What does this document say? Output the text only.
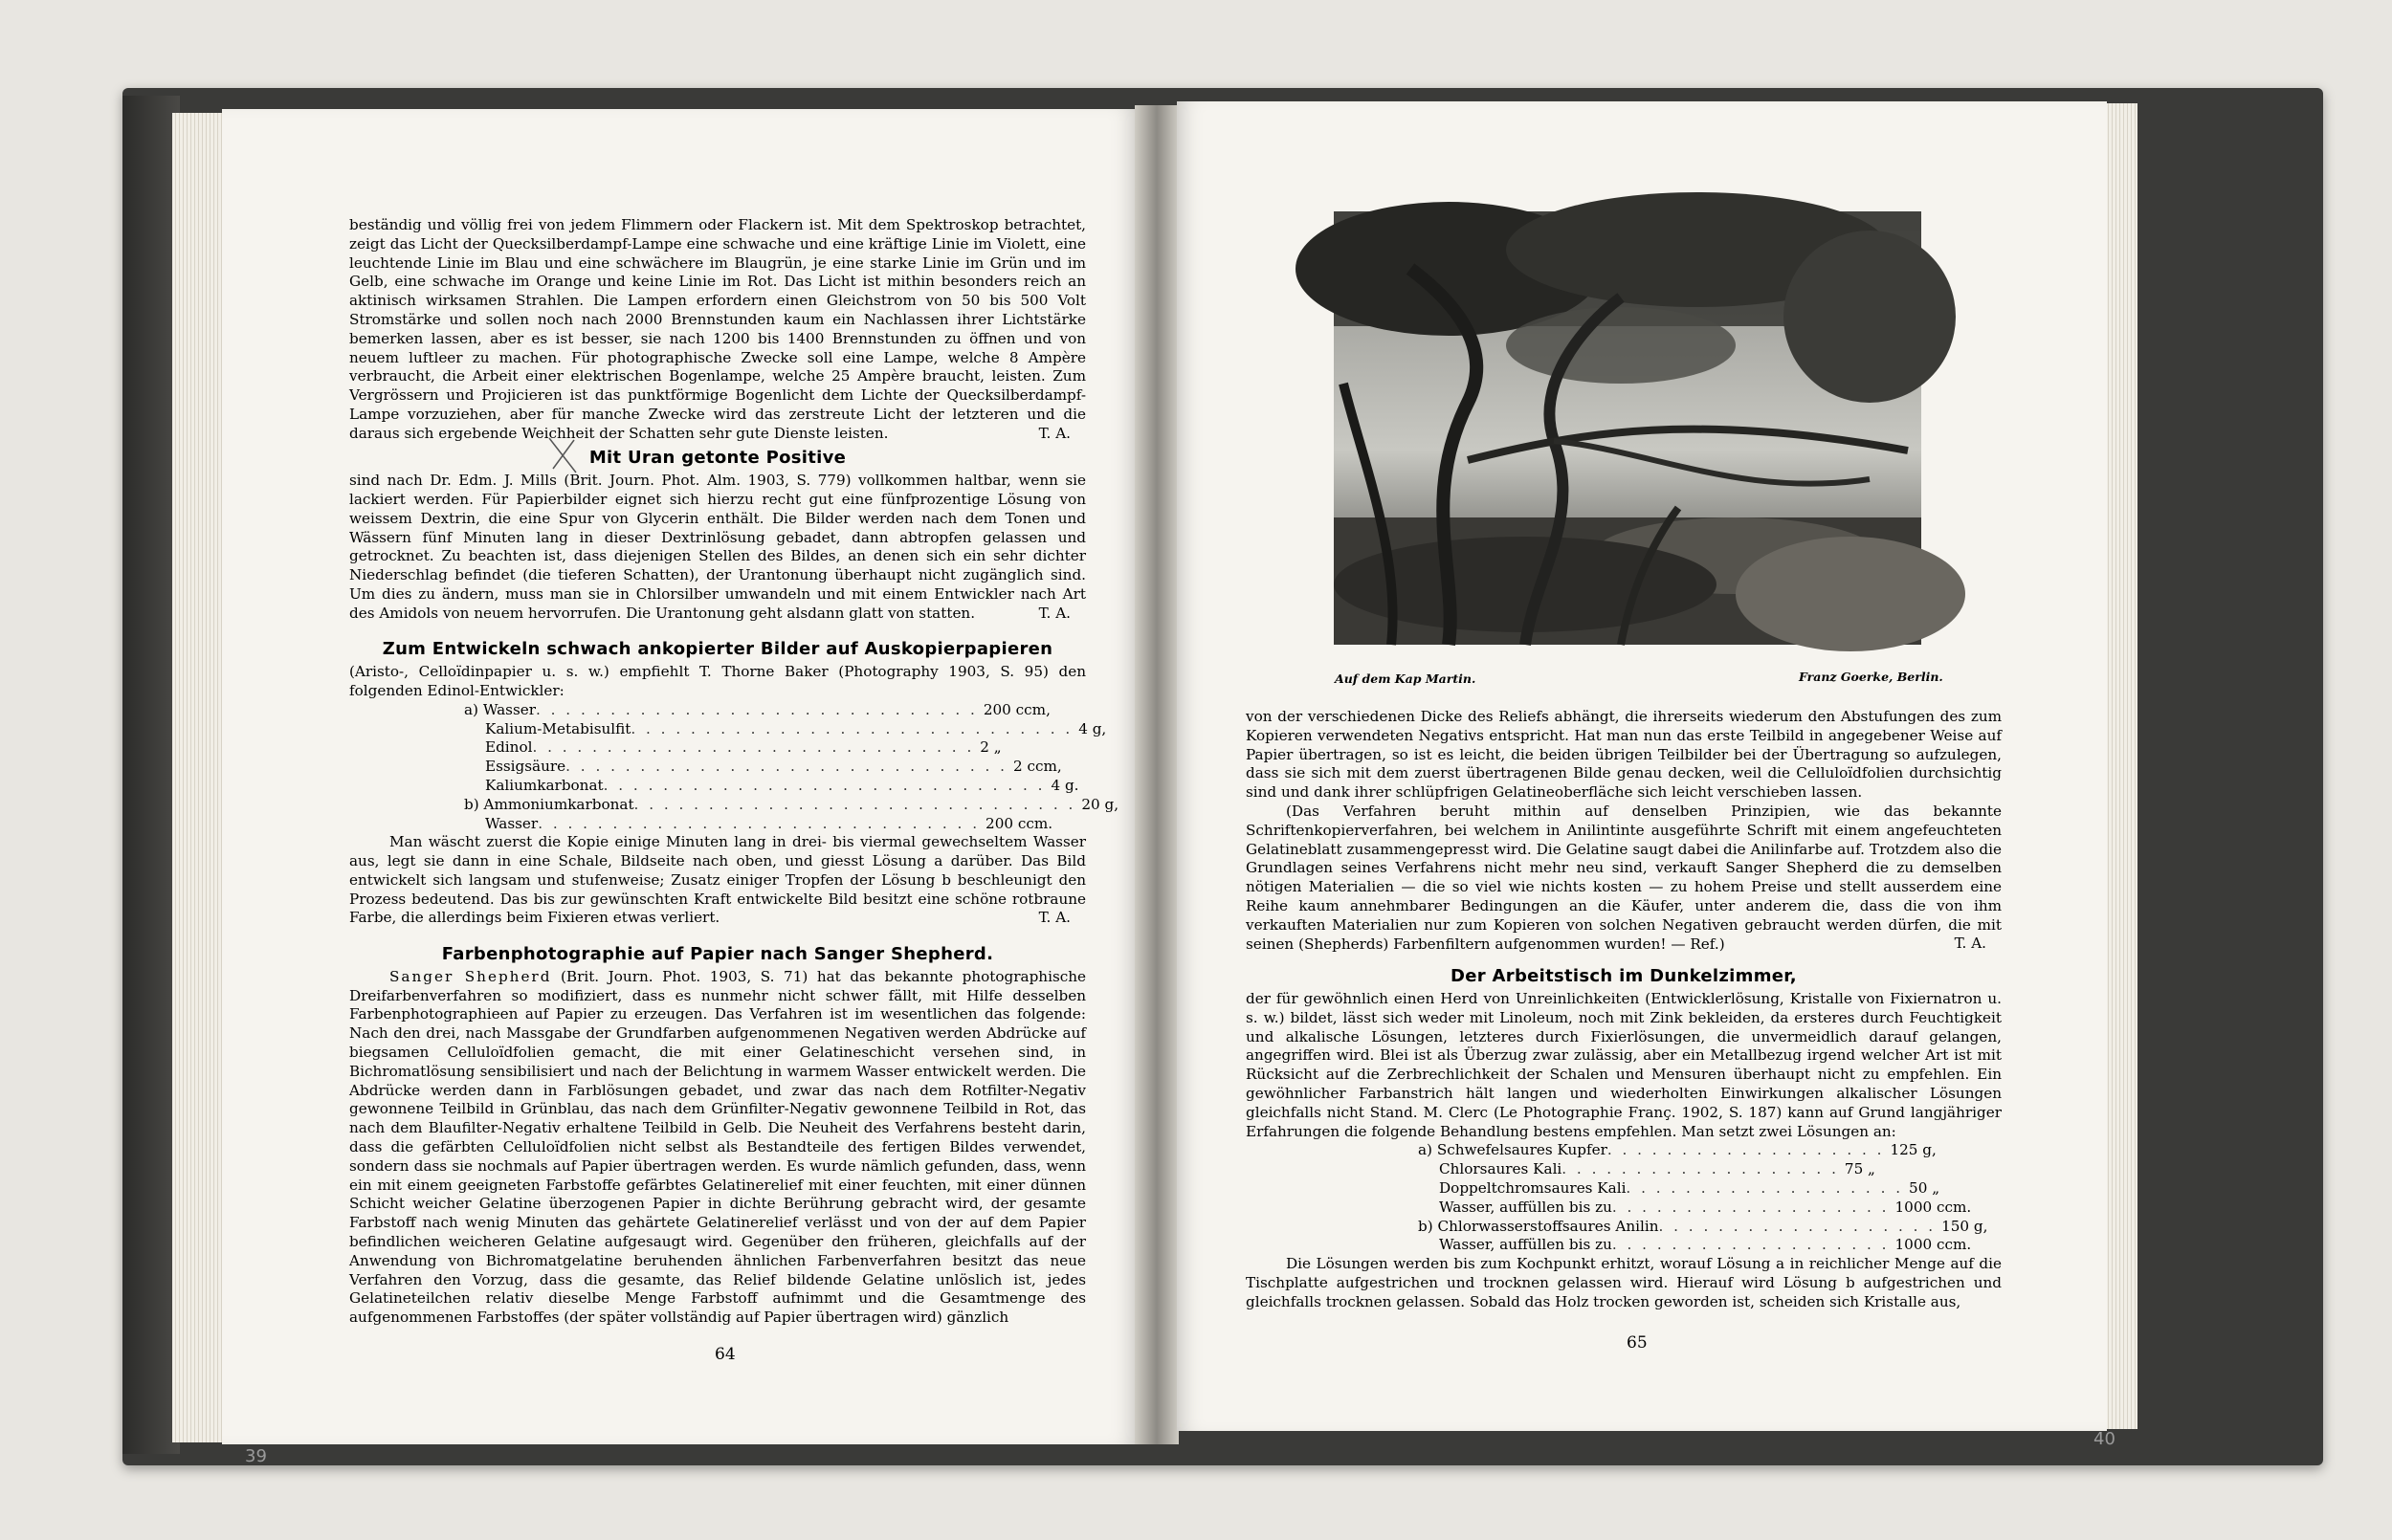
beständig und völlig frei von jedem Flimmern oder Flackern ist. Mit dem Spektroskop betrachtet, zeigt das Licht der Quecksilberdampf-Lampe eine schwache und eine kräftige Linie im Violett, eine leuchtende Linie im Blau und eine schwächere im Blaugrün, je eine starke Linie im Grün und im Gelb, eine schwache im Orange und keine Linie im Rot. Das Licht ist mithin besonders reich an aktinisch wirksamen Strahlen. Die Lampen erfordern einen Gleichstrom von 50 bis 500 Volt Stromstärke und sollen noch nach 2000 Brennstunden kaum ein Nachlassen ihrer Lichtstärke bemerken lassen, aber es ist besser, sie nach 1200 bis 1400 Brennstunden zu öffnen und von neuem luftleer zu machen. Für photographische Zwecke soll eine Lampe, welche 8 Ampère verbraucht, die Arbeit einer elektrischen Bogenlampe, welche 25 Ampère braucht, leisten. Zum Vergrössern und Projicieren ist das punktförmige Bogenlicht dem Lichte der Quecksilberdampf-Lampe vorzuziehen, aber für manche Zwecke wird das zerstreute Licht der letzteren und die daraus sich ergebende Weichheit der Schatten sehr gute Dienste leisten.	T. A.

Mit Uran getonte Positive

sind nach Dr. Edm. J. Mills (Brit. Journ. Phot. Alm. 1903, S. 779) vollkommen haltbar, wenn sie lackiert werden. Für Papierbilder eignet sich hierzu recht gut eine fünfprozentige Lösung von weissem Dextrin, die eine Spur von Glycerin enthält. Die Bilder werden nach dem Tonen und Wässern fünf Minuten lang in dieser Dextrinlösung gebadet, dann abtropfen gelassen und getrocknet. Zu beachten ist, dass diejenigen Stellen des Bildes, an denen sich ein sehr dichter Niederschlag befindet (die tieferen Schatten), der Urantonung überhaupt nicht zugänglich sind. Um dies zu ändern, muss man sie in Chlorsilber umwandeln und mit einem Entwickler nach Art des Amidols von neuem hervorrufen. Die Urantonung geht alsdann glatt von statten.	T. A.

Zum Entwickeln schwach ankopierter Bilder auf Auskopierpapieren

(Aristo-, Celloïdinpapier u. s. w.) empfiehlt T. Thorne Baker (Photography 1903, S. 95) den folgenden Edinol-Entwickler:

a) Wasser . . . . . . . . . . . . . . . . . . . . . . . . . . . . . . 200 ccm,
Kalium-Metabisulfit . . . . . . . . . . . . . . . . . . . . . . . . . . . . . . 4 g,
Edinol . . . . . . . . . . . . . . . . . . . . . . . . . . . . . . 2 „
Essigsäure . . . . . . . . . . . . . . . . . . . . . . . . . . . . . . 2 ccm,
Kaliumkarbonat . . . . . . . . . . . . . . . . . . . . . . . . . . . . . . 4 g.
b) Ammoniumkarbonat . . . . . . . . . . . . . . . . . . . . . . . . . . . . . . 20 g,
Wasser . . . . . . . . . . . . . . . . . . . . . . . . . . . . . . 200 ccm.

Man wäscht zuerst die Kopie einige Minuten lang in drei- bis viermal gewechseltem Wasser aus, legt sie dann in eine Schale, Bildseite nach oben, und giesst Lösung a darüber. Das Bild entwickelt sich langsam und stufenweise; Zusatz einiger Tropfen der Lösung b beschleunigt den Prozess bedeutend. Das bis zur gewünschten Kraft entwickelte Bild besitzt eine schöne rotbraune Farbe, die allerdings beim Fixieren etwas verliert.	T. A.

Farbenphotographie auf Papier nach Sanger Shepherd.

Sanger Shepherd (Brit. Journ. Phot. 1903, S. 71) hat das bekannte photographische Dreifarbenverfahren so modifiziert, dass es nunmehr nicht schwer fällt, mit Hilfe desselben Farbenphotographieen auf Papier zu erzeugen. Das Verfahren ist im wesentlichen das folgende: Nach den drei, nach Massgabe der Grundfarben aufgenommenen Negativen werden Abdrücke auf biegsamen Celluloïdfolien gemacht, die mit einer Gelatineschicht versehen sind, in Bichromatlösung sensibilisiert und nach der Belichtung in warmem Wasser entwickelt werden. Die Abdrücke werden dann in Farblösungen gebadet, und zwar das nach dem Rotfilter-Negativ gewonnene Teilbild in Grünblau, das nach dem Grünfilter-Negativ gewonnene Teilbild in Rot, das nach dem Blaufilter-Negativ erhaltene Teilbild in Gelb. Die Neuheit des Verfahrens besteht darin, dass die gefärbten Celluloïdfolien nicht selbst als Bestandteile des fertigen Bildes verwendet, sondern dass sie nochmals auf Papier übertragen werden. Es wurde nämlich gefunden, dass, wenn ein mit einem geeigneten Farbstoffe gefärbtes Gelatinerelief mit einer feuchten, mit einer dünnen Schicht weicher Gelatine überzogenen Papier in dichte Berührung gebracht wird, der gesamte Farbstoff nach wenig Minuten das gehärtete Gelatinerelief verlässt und von der auf dem Papier befindlichen weicheren Gelatine aufgesaugt wird. Gegenüber den früheren, gleichfalls auf der Anwendung von Bichromatgelatine beruhenden ähnlichen Farbenverfahren besitzt das neue Verfahren den Vorzug, dass die gesamte, das Relief bildende Gelatine unlöslich ist, jedes Gelatineteilchen relativ dieselbe Menge Farbstoff aufnimmt und die Gesamtmenge des aufgenommenen Farbstoffes (der später vollständig auf Papier übertragen wird) gänzlich

64
39
Auf dem Kap Martin.	Franz Goerke, Berlin.

von der verschiedenen Dicke des Reliefs abhängt, die ihrerseits wiederum den Abstufungen des zum Kopieren verwendeten Negativs entspricht. Hat man nun das erste Teilbild in angegebener Weise auf Papier übertragen, so ist es leicht, die beiden übrigen Teilbilder bei der Übertragung so aufzulegen, dass sie sich mit dem zuerst übertragenen Bilde genau decken, weil die Celluloïdfolien durchsichtig sind und dank ihrer schlüpfrigen Gelatineoberfläche sich leicht verschieben lassen.

(Das Verfahren beruht mithin auf denselben Prinzipien, wie das bekannte Schriftenkopierverfahren, bei welchem in Anilintinte ausgeführte Schrift mit einem angefeuchteten Gelatineblatt zusammengepresst wird. Die Gelatine saugt dabei die Anilinfarbe auf. Trotzdem also die Grundlagen seines Verfahrens nicht mehr neu sind, verkauft Sanger Shepherd die zu demselben nötigen Materialien — die so viel wie nichts kosten — zu hohem Preise und stellt ausserdem eine Reihe kaum annehmbarer Bedingungen an die Käufer, unter anderem die, dass die von ihm verkauften Materialien nur zum Kopieren von solchen Negativen gebraucht werden dürfen, die mit seinen (Shepherds) Farbenfiltern aufgenommen wurden! — Ref.)	T. A.

Der Arbeitstisch im Dunkelzimmer,

der für gewöhnlich einen Herd von Unreinlichkeiten (Entwicklerlösung, Kristalle von Fixiernatron u. s. w.) bildet, lässt sich weder mit Linoleum, noch mit Zink bekleiden, da ersteres durch Feuchtigkeit und alkalische Lösungen, letzteres durch Fixierlösungen, die unvermeidlich darauf gelangen, angegriffen wird. Blei ist als Überzug zwar zulässig, aber ein Metallbezug irgend welcher Art ist mit Rücksicht auf die Zerbrechlichkeit der Schalen und Mensuren überhaupt nicht zu empfehlen. Ein gewöhnlicher Farbanstrich hält langen und wiederholten Einwirkungen alkalischer Lösungen gleichfalls nicht Stand. M. Clerc (Le Photographie Franç. 1902, S. 187) kann auf Grund langjähriger Erfahrungen die folgende Behandlung bestens empfehlen. Man setzt zwei Lösungen an:

a) Schwefelsaures Kupfer . . . . . . . . . . . . . . . . . . . 125 g,
Chlorsaures Kali . . . . . . . . . . . . . . . . . . . 75 „
Doppeltchromsaures Kali . . . . . . . . . . . . . . . . . . . 50 „
Wasser, auffüllen bis zu . . . . . . . . . . . . . . . . . . . 1000 ccm.
b) Chlorwasserstoffsaures Anilin . . . . . . . . . . . . . . . . . . . 150 g,
Wasser, auffüllen bis zu . . . . . . . . . . . . . . . . . . . 1000 ccm.

Die Lösungen werden bis zum Kochpunkt erhitzt, worauf Lösung a in reichlicher Menge auf die Tischplatte aufgestrichen und trocknen gelassen wird. Hierauf wird Lösung b aufgestrichen und gleichfalls trocknen gelassen. Sobald das Holz trocken geworden ist, scheiden sich Kristalle aus,

65
40
